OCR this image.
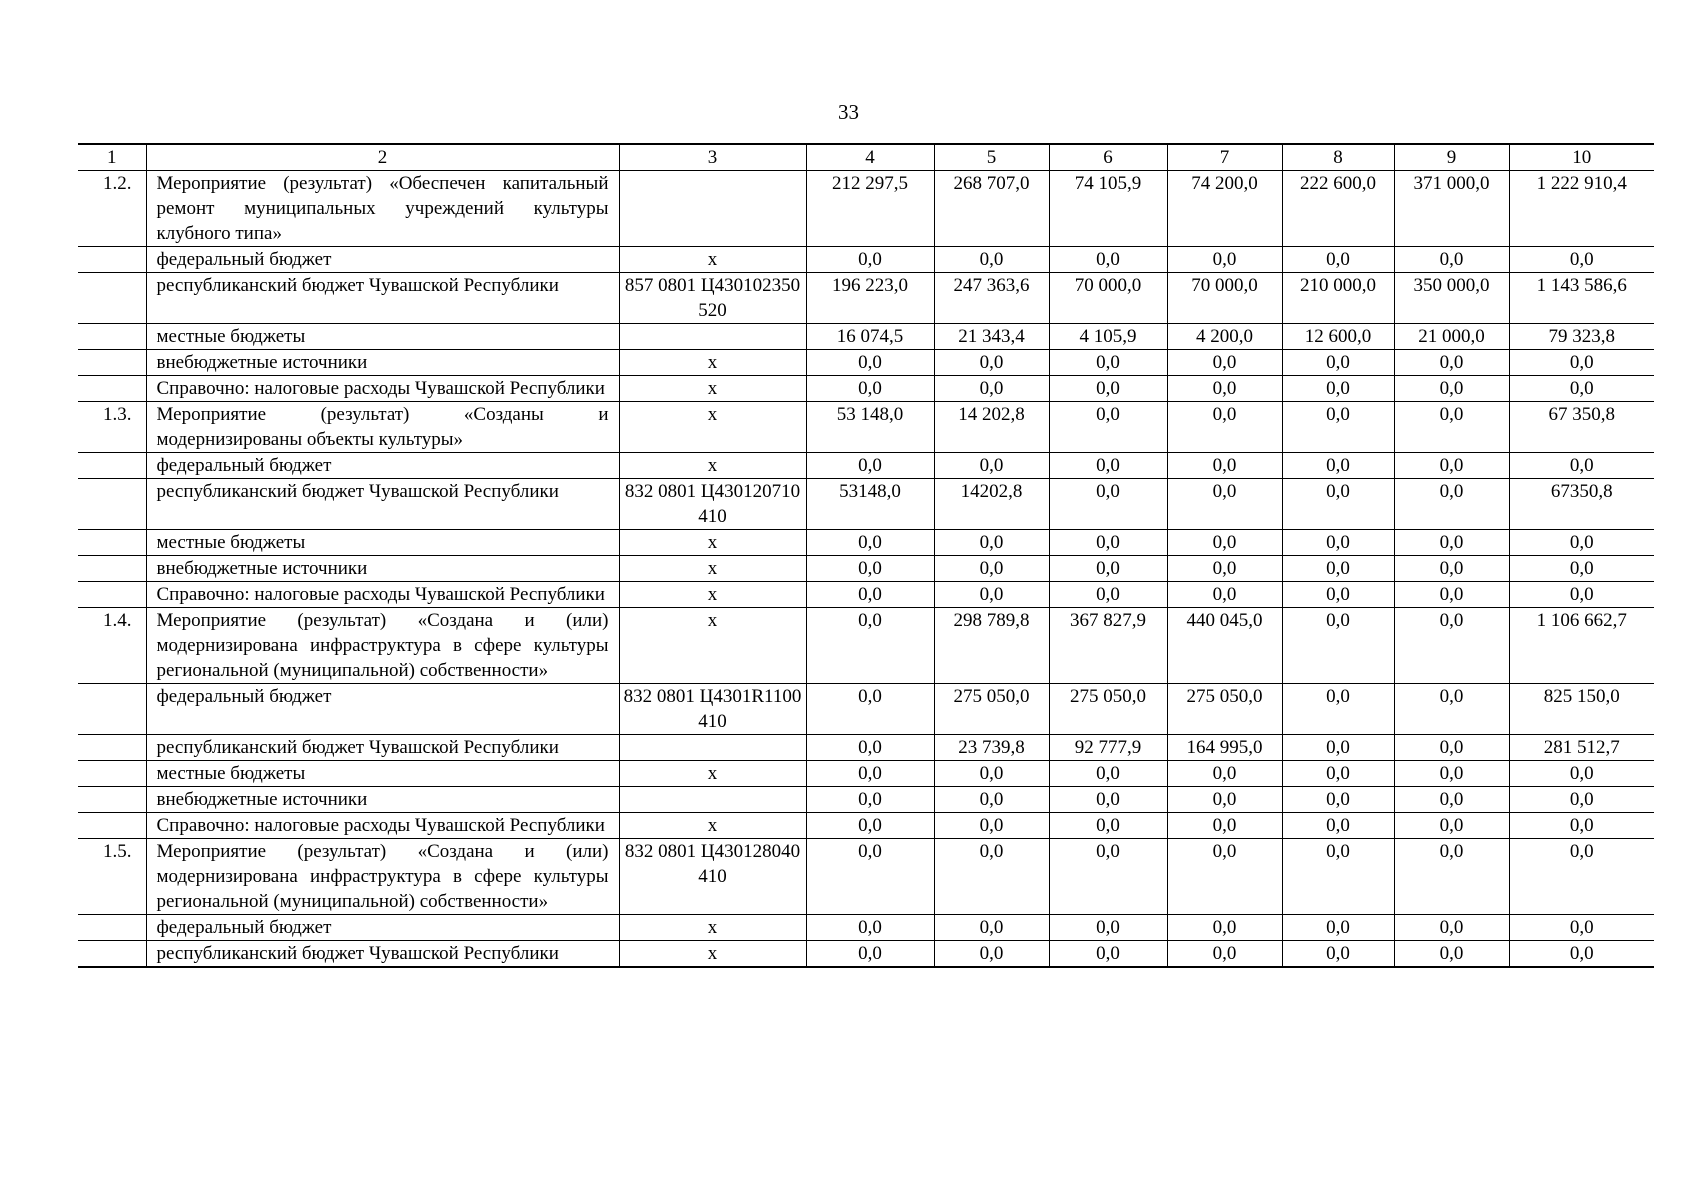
33
1	2	3	4	5	6	7	8	9	10
1.2.	Мероприятие (результат) «Обеспечен капитальный ремонт муниципальных учреждений культуры клубного типа»		212 297,5	268 707,0	74 105,9	74 200,0	222 600,0	371 000,0	1 222 910,4
	федеральный бюджет	x	0,0	0,0	0,0	0,0	0,0	0,0	0,0
	республиканский бюджет Чувашской Республики	857 0801 Ц430102350 520	196 223,0	247 363,6	70 000,0	70 000,0	210 000,0	350 000,0	1 143 586,6
	местные бюджеты		16 074,5	21 343,4	4 105,9	4 200,0	12 600,0	21 000,0	79 323,8
	внебюджетные источники	x	0,0	0,0	0,0	0,0	0,0	0,0	0,0
	Справочно: налоговые расходы Чувашской Республики	x	0,0	0,0	0,0	0,0	0,0	0,0	0,0
1.3.	Мероприятие (результат) «Созданы и модернизированы объекты культуры»	x	53 148,0	14 202,8	0,0	0,0	0,0	0,0	67 350,8
	федеральный бюджет	x	0,0	0,0	0,0	0,0	0,0	0,0	0,0
	республиканский бюджет Чувашской Республики	832 0801 Ц430120710 410	53148,0	14202,8	0,0	0,0	0,0	0,0	67350,8
	местные бюджеты	x	0,0	0,0	0,0	0,0	0,0	0,0	0,0
	внебюджетные источники	x	0,0	0,0	0,0	0,0	0,0	0,0	0,0
	Справочно: налоговые расходы Чувашской Республики	x	0,0	0,0	0,0	0,0	0,0	0,0	0,0
1.4.	Мероприятие (результат) «Создана и (или) модернизирована инфраструктура в сфере культуры региональной (муниципальной) собственности»	x	0,0	298 789,8	367 827,9	440 045,0	0,0	0,0	1 106 662,7
	федеральный бюджет	832 0801 Ц4301R1100 410	0,0	275 050,0	275 050,0	275 050,0	0,0	0,0	825 150,0
	республиканский бюджет Чувашской Республики		0,0	23 739,8	92 777,9	164 995,0	0,0	0,0	281 512,7
	местные бюджеты	x	0,0	0,0	0,0	0,0	0,0	0,0	0,0
	внебюджетные источники		0,0	0,0	0,0	0,0	0,0	0,0	0,0
	Справочно: налоговые расходы Чувашской Республики	x	0,0	0,0	0,0	0,0	0,0	0,0	0,0
1.5.	Мероприятие (результат) «Создана и (или) модернизирована инфраструктура в сфере культуры региональной (муниципальной) собственности»	832 0801 Ц430128040 410	0,0	0,0	0,0	0,0	0,0	0,0	0,0
	федеральный бюджет	x	0,0	0,0	0,0	0,0	0,0	0,0	0,0
	республиканский бюджет Чувашской Республики	x	0,0	0,0	0,0	0,0	0,0	0,0	0,0
